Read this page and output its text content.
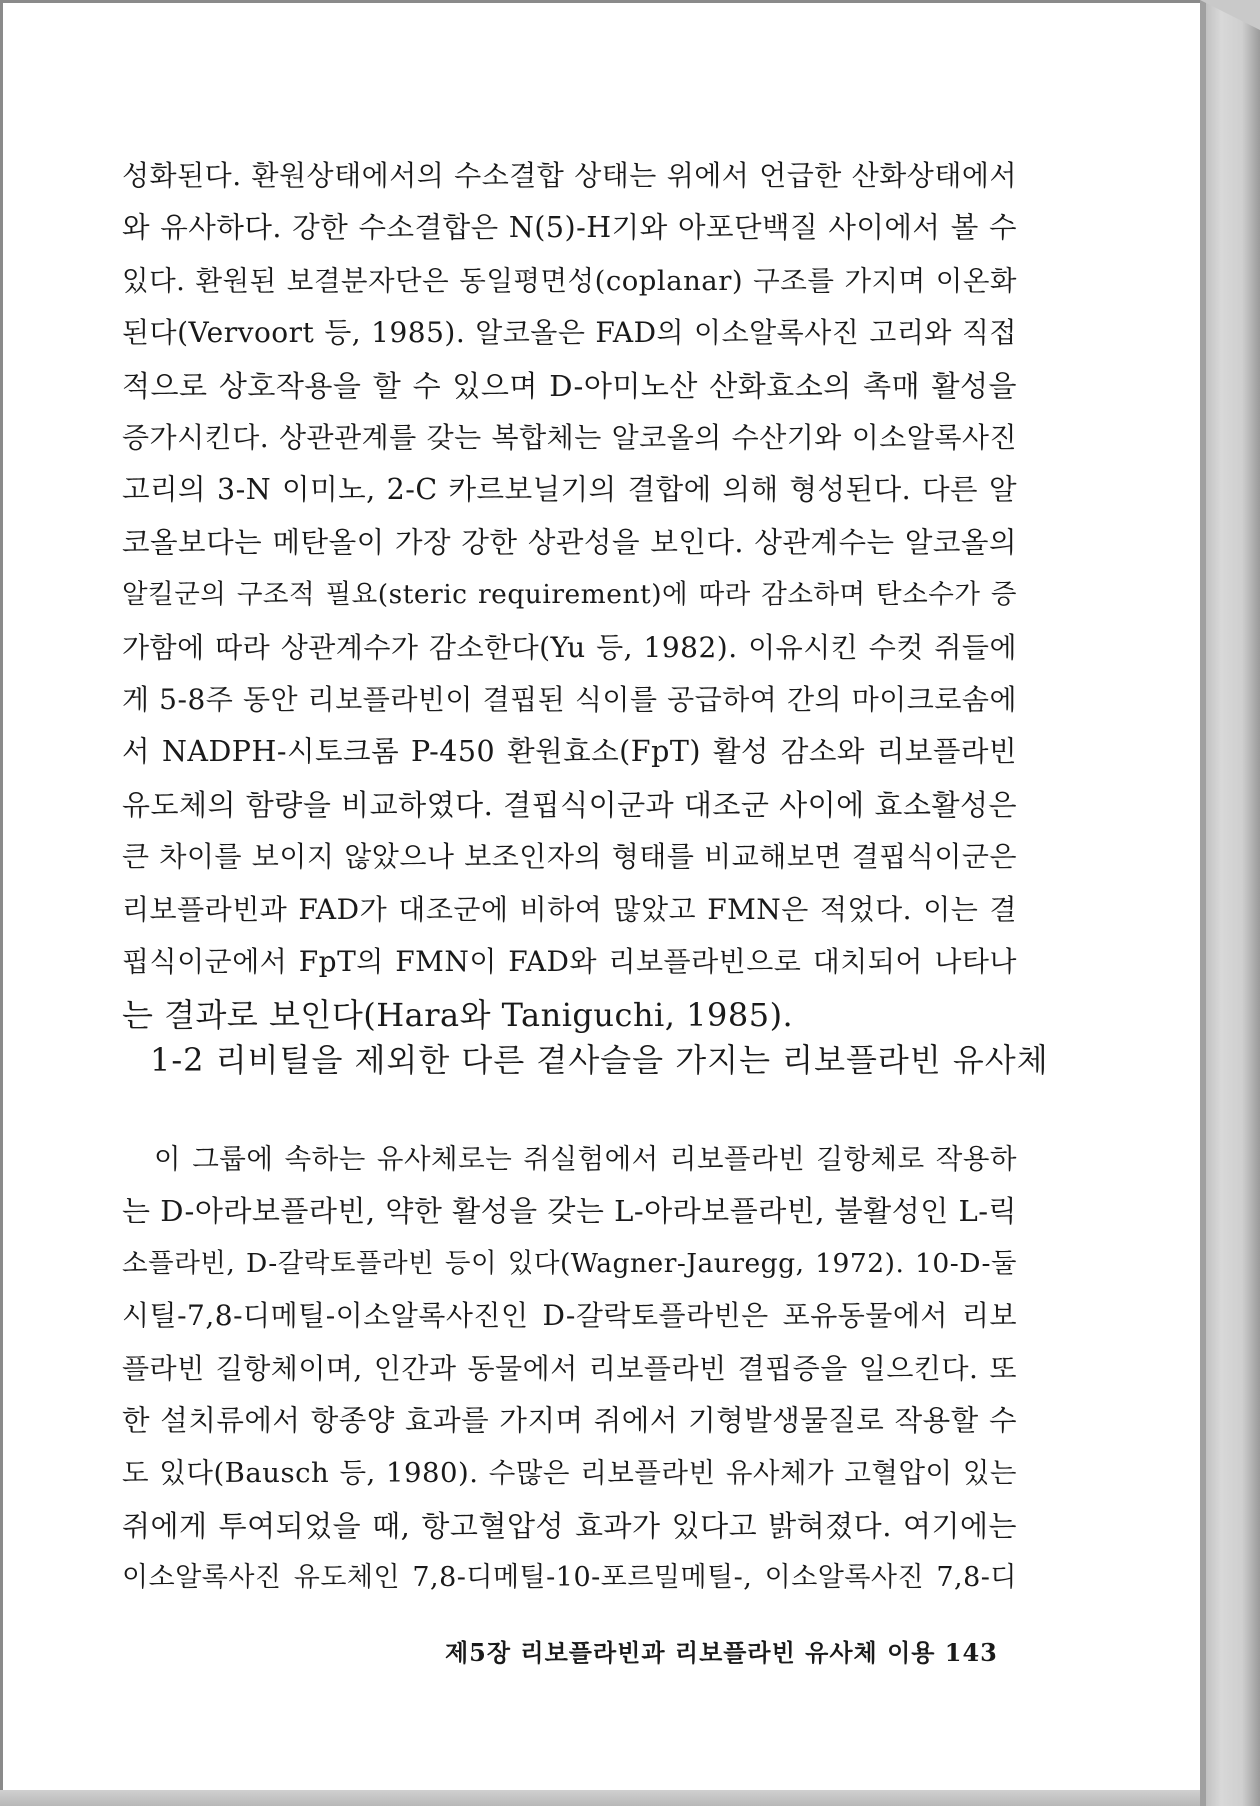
성화된다. 환원상태에서의 수소결합 상태는 위에서 언급한 산화상태에서
와 유사하다. 강한 수소결합은 N(5)-H기와 아포단백질 사이에서 볼 수
있다. 환원된 보결분자단은 동일평면성(coplanar) 구조를 가지며 이온화
된다(Vervoort 등, 1985). 알코올은 FAD의 이소알록사진 고리와 직접
적으로 상호작용을 할 수 있으며 D-아미노산 산화효소의 촉매 활성을
증가시킨다. 상관관계를 갖는 복합체는 알코올의 수산기와 이소알록사진
고리의 3-N 이미노, 2-C 카르보닐기의 결합에 의해 형성된다. 다른 알
코올보다는 메탄올이 가장 강한 상관성을 보인다. 상관계수는 알코올의
알킬군의 구조적 필요(steric requirement)에 따라 감소하며 탄소수가 증
가함에 따라 상관계수가 감소한다(Yu 등, 1982). 이유시킨 수컷 쥐들에
게 5-8주 동안 리보플라빈이 결핍된 식이를 공급하여 간의 마이크로솜에
서 NADPH-시토크롬 P-450 환원효소(FpT) 활성 감소와 리보플라빈
유도체의 함량을 비교하였다. 결핍식이군과 대조군 사이에 효소활성은
큰 차이를 보이지 않았으나 보조인자의 형태를 비교해보면 결핍식이군은
리보플라빈과 FAD가 대조군에 비하여 많았고 FMN은 적었다. 이는 결
핍식이군에서 FpT의 FMN이 FAD와 리보플라빈으로 대치되어 나타나
는 결과로 보인다(Hara와 Taniguchi, 1985).
1-2 리비틸을 제외한 다른 곁사슬을 가지는 리보플라빈 유사체
이 그룹에 속하는 유사체로는 쥐실험에서 리보플라빈 길항체로 작용하
는 D-아라보플라빈, 약한 활성을 갖는 L-아라보플라빈, 불활성인 L-릭
소플라빈, D-갈락토플라빈 등이 있다(Wagner-Jauregg, 1972). 10-D-둘
시틸-7,8-디메틸-이소알록사진인 D-갈락토플라빈은 포유동물에서 리보
플라빈 길항체이며, 인간과 동물에서 리보플라빈 결핍증을 일으킨다. 또
한 설치류에서 항종양 효과를 가지며 쥐에서 기형발생물질로 작용할 수
도 있다(Bausch 등, 1980). 수많은 리보플라빈 유사체가 고혈압이 있는
쥐에게 투여되었을 때, 항고혈압성 효과가 있다고 밝혀졌다. 여기에는
이소알록사진 유도체인 7,8-디메틸-10-포르밀메틸-, 이소알록사진 7,8-디
제5장 리보플라빈과 리보플라빈 유사체 이용 143
